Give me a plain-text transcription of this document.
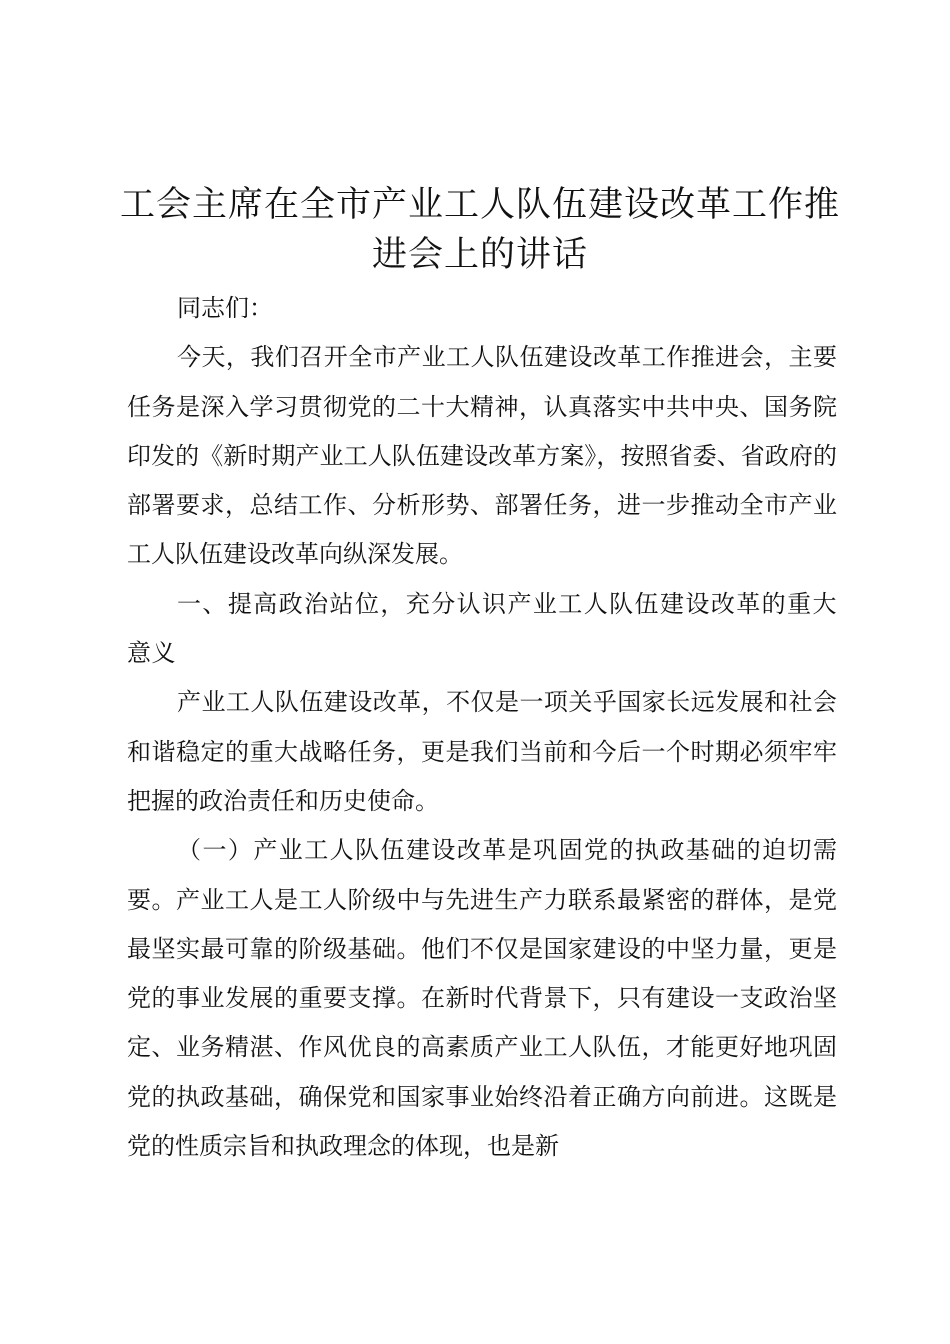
工会主席在全市产业工人队伍建设改革工作推进会上的讲话

同志们：

今天，我们召开全市产业工人队伍建设改革工作推进会，主要任务是深入学习贯彻党的二十大精神，认真落实中共中央、国务院印发的《新时期产业工人队伍建设改革方案》，按照省委、省政府的部署要求，总结工作、分析形势、部署任务，进一步推动全市产业工人队伍建设改革向纵深发展。

一、提高政治站位，充分认识产业工人队伍建设改革的重大意义

产业工人队伍建设改革，不仅是一项关乎国家长远发展和社会和谐稳定的重大战略任务，更是我们当前和今后一个时期必须牢牢把握的政治责任和历史使命。

（一）产业工人队伍建设改革是巩固党的执政基础的迫切需要。产业工人是工人阶级中与先进生产力联系最紧密的群体，是党最坚实最可靠的阶级基础。他们不仅是国家建设的中坚力量，更是党的事业发展的重要支撑。在新时代背景下，只有建设一支政治坚定、业务精湛、作风优良的高素质产业工人队伍，才能更好地巩固党的执政基础，确保党和国家事业始终沿着正确方向前进。这既是党的性质宗旨和执政理念的体现，也是新
